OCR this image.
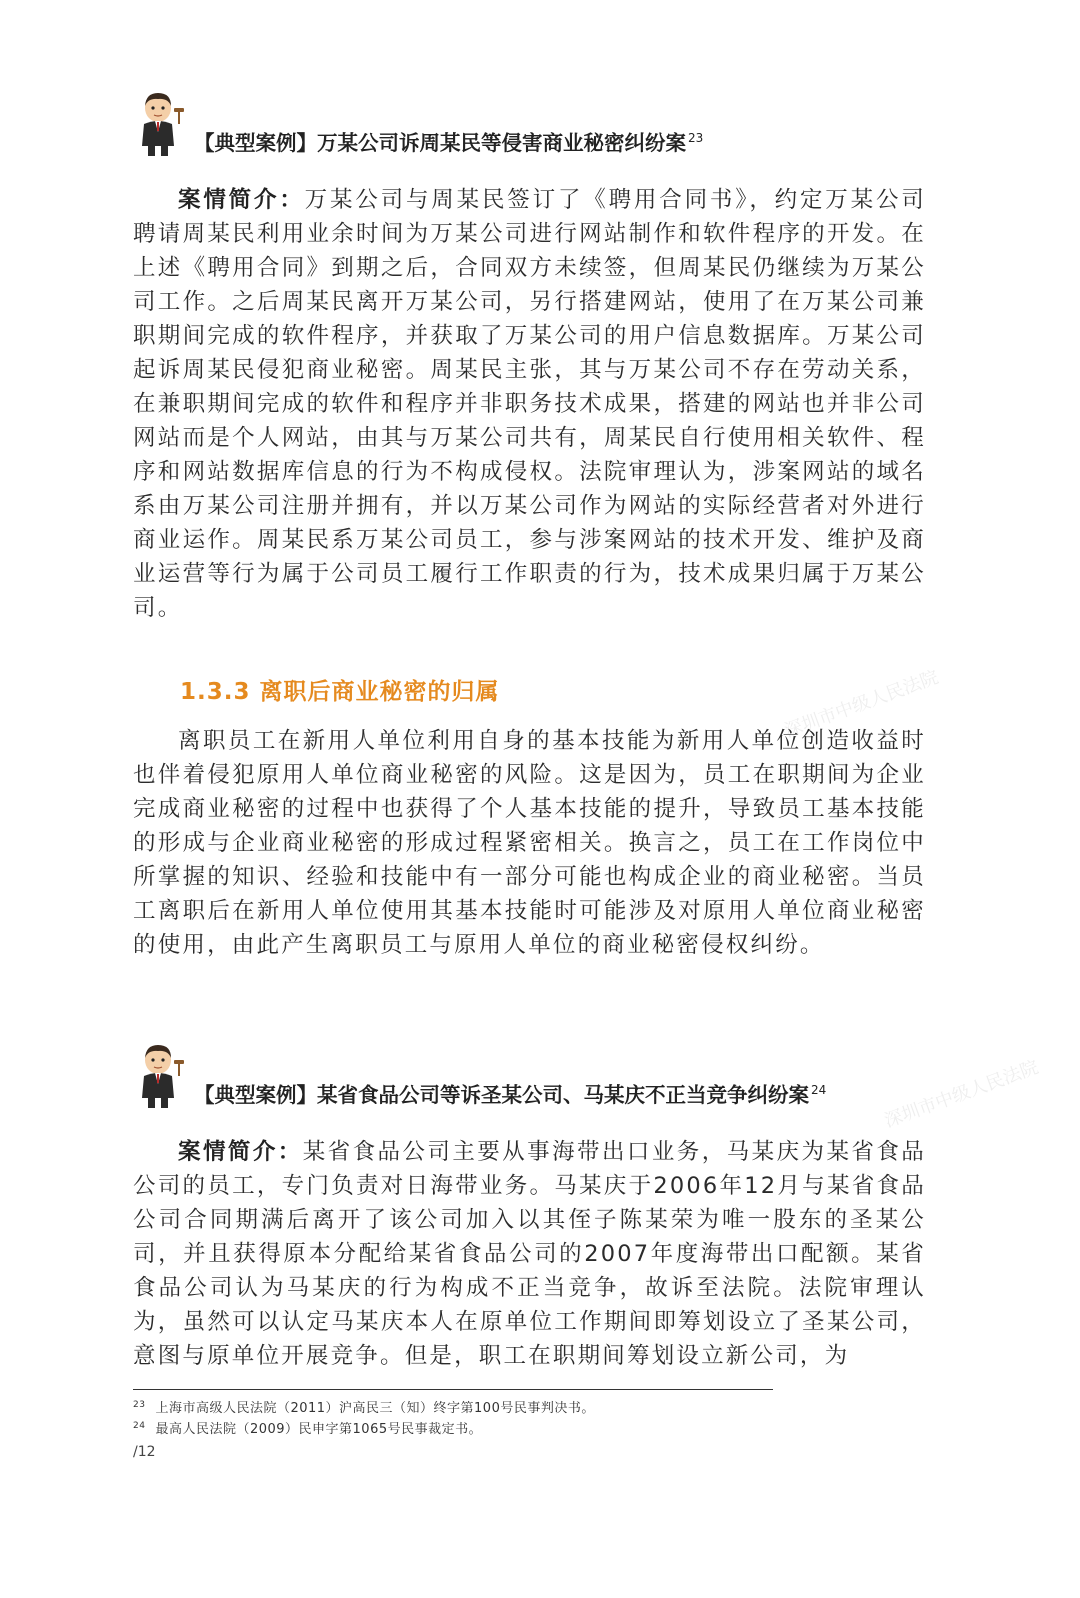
深圳市中级人民法院
深圳市中级人民法院
【典型案例】万某公司诉周某民等侵害商业秘密纠纷案 $^{23}$

案情简介：万某公司与周某民签订了《聘用合同书》，约定万某公司聘请周某民利用业余时间为万某公司进行网站制作和软件程序的开发。在上述《聘用合同》到期之后，合同双方未续签，但周某民仍继续为万某公司工作。之后周某民离开万某公司，另行搭建网站，使用了在万某公司兼职期间完成的软件程序，并获取了万某公司的用户信息数据库。万某公司起诉周某民侵犯商业秘密。周某民主张，其与万某公司不存在劳动关系，在兼职期间完成的软件和程序并非职务技术成果，搭建的网站也并非公司网站而是个人网站，由其与万某公司共有，周某民自行使用相关软件、程序和网站数据库信息的行为不构成侵权。法院审理认为，涉案网站的域名系由万某公司注册并拥有，并以万某公司作为网站的实际经营者对外进行商业运作。周某民系万某公司员工，参与涉案网站的技术开发、维护及商业运营等行为属于公司员工履行工作职责的行为，技术成果归属于万某公司。

1.3.3 离职后商业秘密的归属

离职员工在新用人单位利用自身的基本技能为新用人单位创造收益时也伴着侵犯原用人单位商业秘密的风险。这是因为，员工在职期间为企业完成商业秘密的过程中也获得了个人基本技能的提升，导致员工基本技能的形成与企业商业秘密的形成过程紧密相关。换言之，员工在工作岗位中所掌握的知识、经验和技能中有一部分可能也构成企业的商业秘密。当员工离职后在新用人单位使用其基本技能时可能涉及对原用人单位商业秘密的使用，由此产生离职员工与原用人单位的商业秘密侵权纠纷。

【典型案例】某省食品公司等诉圣某公司、马某庆不正当竞争纠纷案 $^{24}$

案情简介：某省食品公司主要从事海带出口业务，马某庆为某省食品公司的员工，专门负责对日海带业务。马某庆于2006年12月与某省食品公司合同期满后离开了该公司加入以其侄子陈某荣为唯一股东的圣某公司，并且获得原本分配给某省食品公司的2007年度海带出口配额。某省食品公司认为马某庆的行为构成不正当竞争，故诉至法院。法院审理认为，虽然可以认定马某庆本人在原单位工作期间即筹划设立了圣某公司，意图与原单位开展竞争。但是，职工在职期间筹划设立新公司，为

$^{23}$ 上海市高级人民法院（2011）沪高民三（知）终字第100号民事判决书。
$^{24}$ 最高人民法院（2009）民申字第1065号民事裁定书。
/12
